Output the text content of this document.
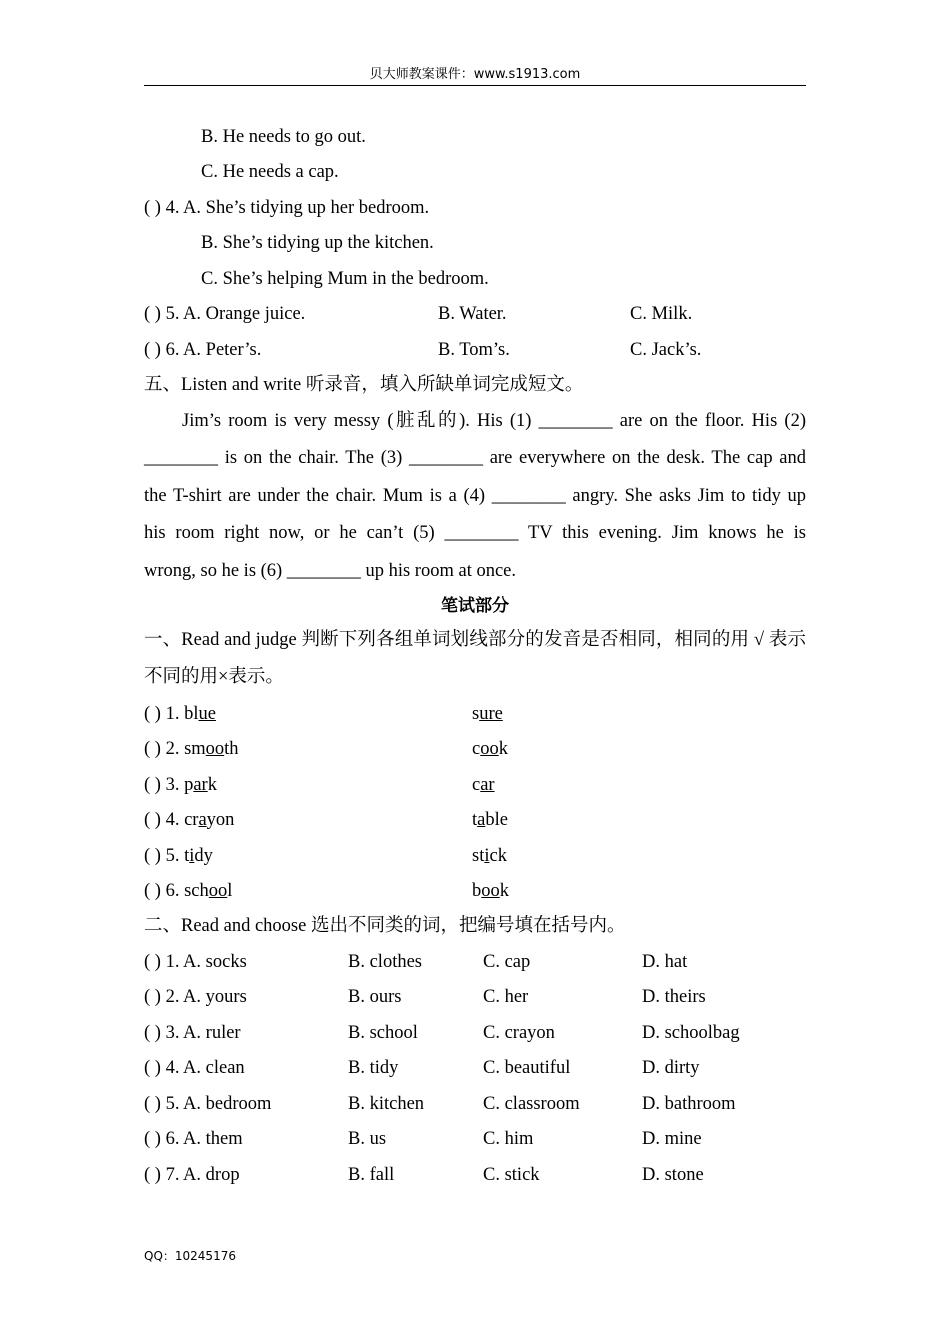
贝大师教案课件：www.s1913.com
B. He needs to go out.
C. He needs a cap.
( ) 4. A. She’s tidying up her bedroom.
B. She’s tidying up the kitchen.
C. She’s helping Mum in the bedroom.
( ) 5. A. Orange juice.	B. Water.	C. Milk.
( ) 6. A. Peter’s.	B. Tom’s.	C. Jack’s.
五、Listen and write 听录音，填入所缺单词完成短文。
Jim’s room is very messy (脏乱的). His (1) ________ are on the floor. His (2)
________ is on the chair. The (3) ________ are everywhere on the desk. The cap and
the T-shirt are under the chair. Mum is a (4) ________ angry. She asks Jim to tidy up
his room right now, or he can’t (5) ________ TV this evening. Jim knows he is
wrong, so he is (6) ________ up his room at once.
笔试部分
一、Read and judge 判断下列各组单词划线部分的发音是否相同，相同的用 √ 表示
不同的用×表示。
( ) 1. blue	sure
( ) 2. smooth	cook
( ) 3. park	car
( ) 4. crayon	table
( ) 5. tidy	stick
( ) 6. school	book
二、Read and choose 选出不同类的词，把编号填在括号内。
( ) 1. A. socks	B. clothes	C. cap	D. hat
( ) 2. A. yours	B. ours	C. her	D. theirs
( ) 3. A. ruler	B. school	C. crayon	D. schoolbag
( ) 4. A. clean	B. tidy	C. beautiful	D. dirty
( ) 5. A. bedroom	B. kitchen	C. classroom	D. bathroom
( ) 6. A. them	B. us	C. him	D. mine
( ) 7. A. drop	B. fall	C. stick	D. stone
QQ：10245176
